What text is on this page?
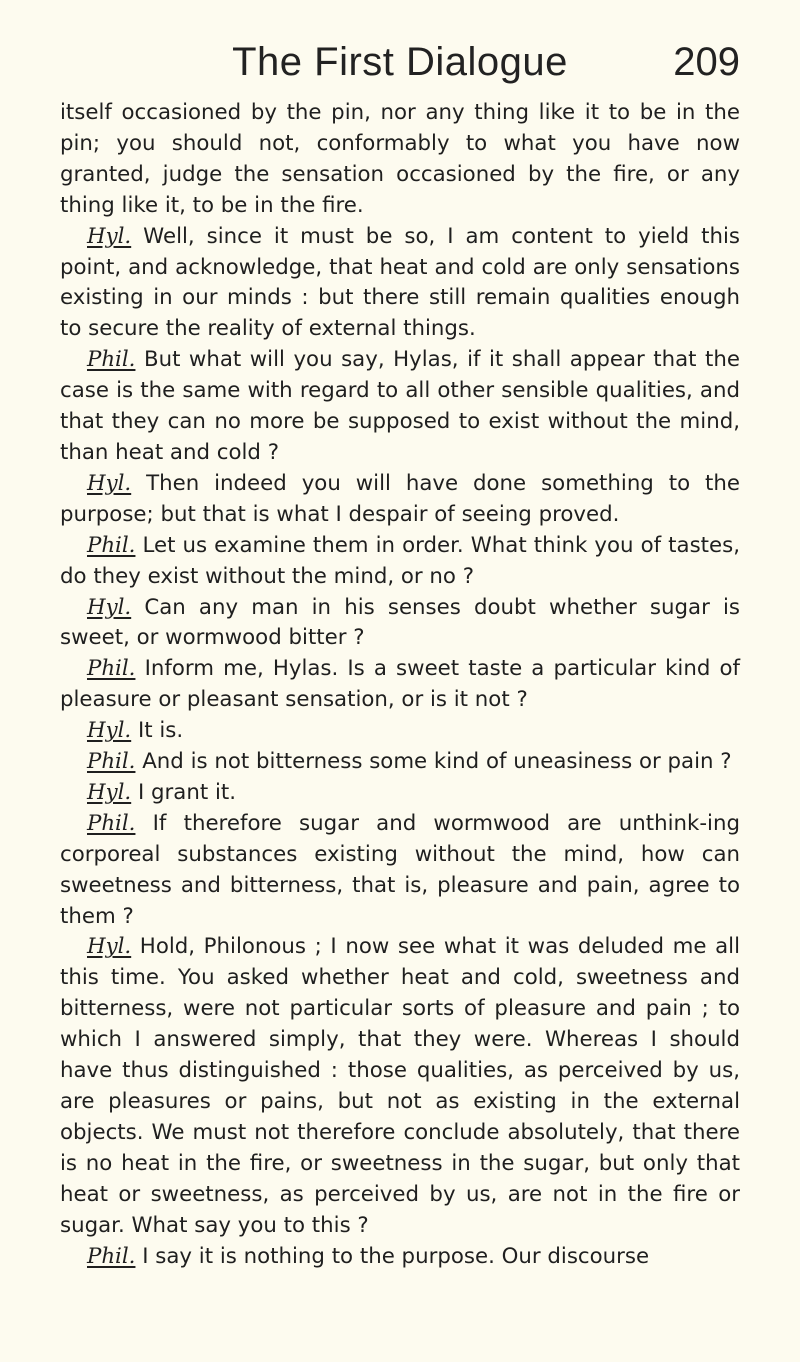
The First Dialogue	209

itself occasioned by the pin, nor any thing like it to be in the pin; you should not, conformably to what you have now granted, judge the sensation occasioned by the fire, or any thing like it, to be in the fire.

Hyl. Well, since it must be so, I am content to yield this point, and acknowledge, that heat and cold are only sensations existing in our minds : but there still remain qualities enough to secure the reality of external things.

Phil. But what will you say, Hylas, if it shall appear that the case is the same with regard to all other sensible qualities, and that they can no more be supposed to exist without the mind, than heat and cold ?

Hyl. Then indeed you will have done something to the purpose; but that is what I despair of seeing proved.

Phil. Let us examine them in order. What think you of tastes, do they exist without the mind, or no ?

Hyl. Can any man in his senses doubt whether sugar is sweet, or wormwood bitter ?

Phil. Inform me, Hylas. Is a sweet taste a particular kind of pleasure or pleasant sensation, or is it not ?

Hyl. It is.

Phil. And is not bitterness some kind of uneasiness or pain ?

Hyl. I grant it.

Phil. If therefore sugar and wormwood are unthink-ing corporeal substances existing without the mind, how can sweetness and bitterness, that is, pleasure and pain, agree to them ?

Hyl. Hold, Philonous ; I now see what it was deluded me all this time. You asked whether heat and cold, sweetness and bitterness, were not particular sorts of pleasure and pain ; to which I answered simply, that they were. Whereas I should have thus distinguished : those qualities, as perceived by us, are pleasures or pains, but not as existing in the external objects. We must not therefore conclude absolutely, that there is no heat in the fire, or sweetness in the sugar, but only that heat or sweetness, as perceived by us, are not in the fire or sugar. What say you to this ?

Phil. I say it is nothing to the purpose. Our discourse
